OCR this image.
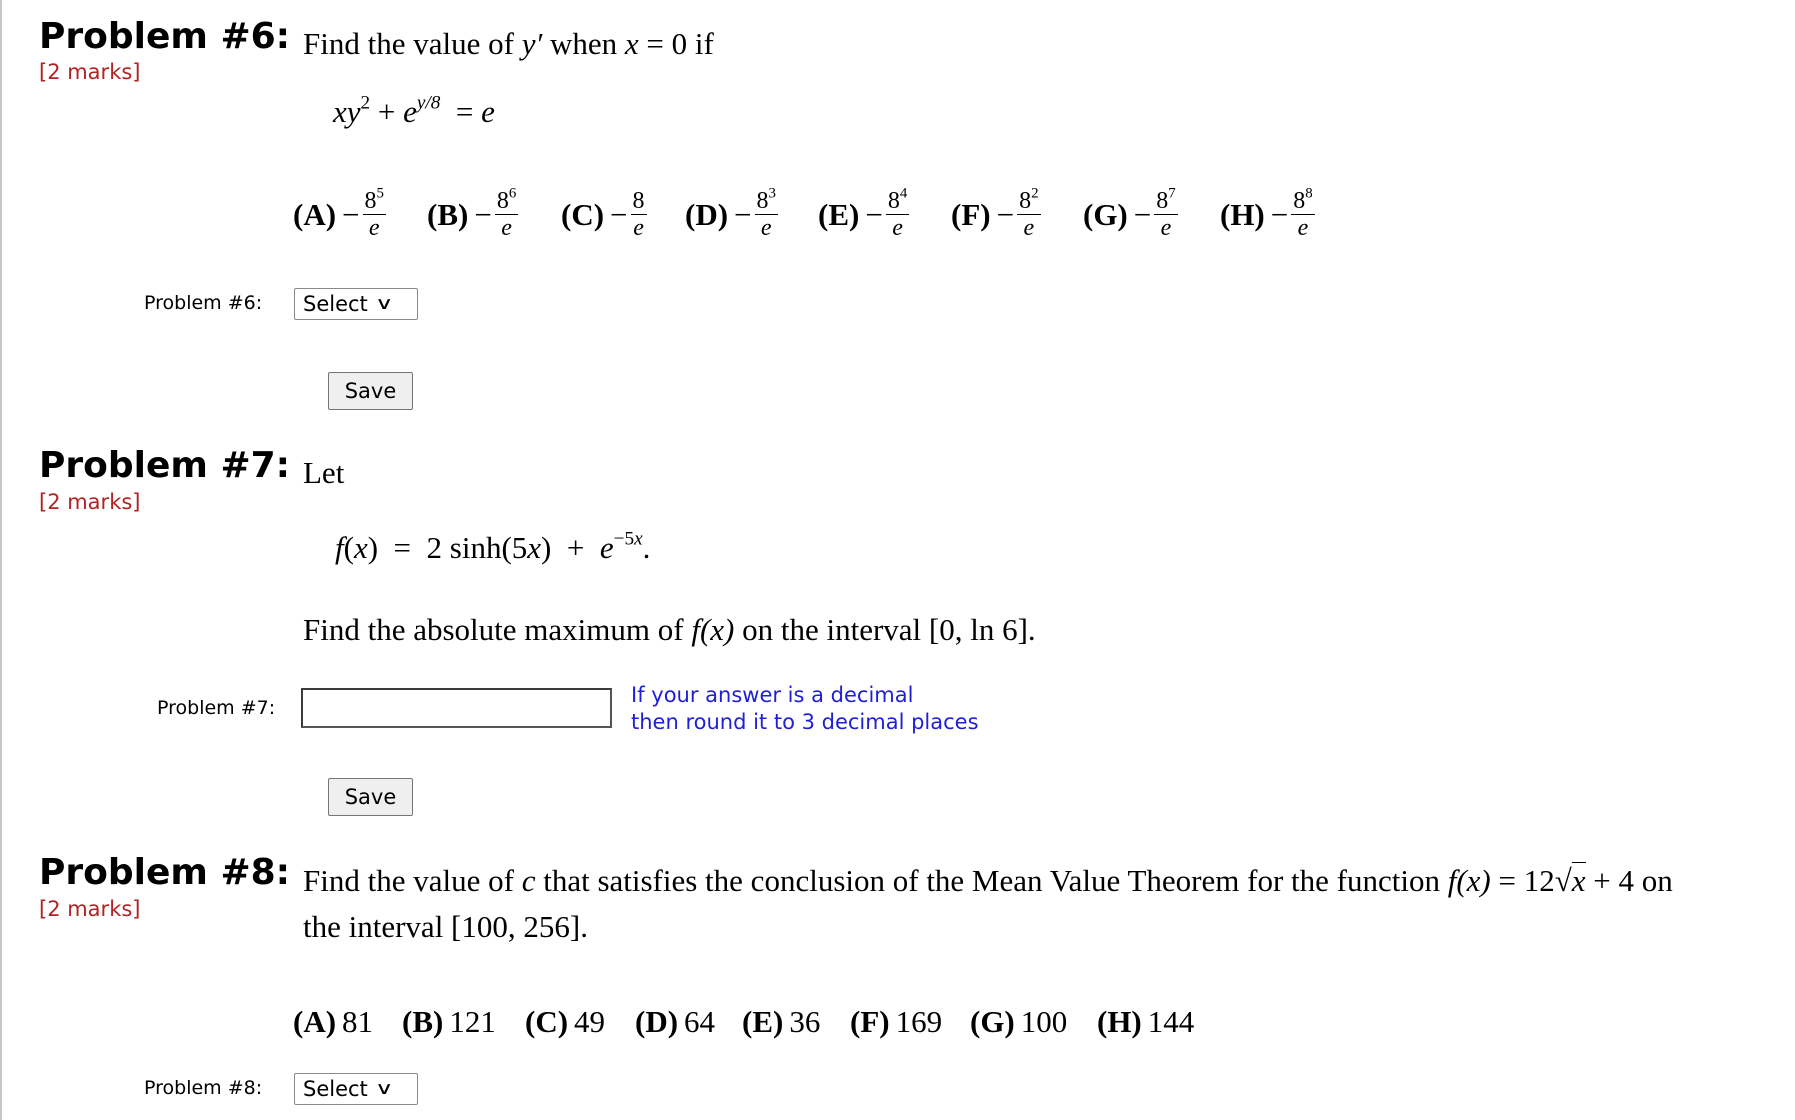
Problem #6:
[2 marks]
Find the value of y′ when x = 0 if
$xy^2 + e^{y/8} = e$
$(A) - \frac{8^5}{e} (B) - \frac{8^6}{e} (C) - \frac{8}{e} (D) - \frac{8^3}{e} (E) - \frac{8^4}{e} (F) - \frac{8^2}{e} (G) - \frac{8^7}{e} (H) - \frac{8^8}{e}$
Problem #6: Select ∨
Save
Problem #7:
[2 marks]
Let
f(x)  =  2 $\sinh(5x) + e^{-5x}$.
Find the absolute maximum of f(x) on the interval [0, ln 6].
Problem #7:
If your answer is a decimal
then round it to 3 decimal places
Save
Problem #8:
[2 marks]
Find the value of c that satisfies the conclusion of the Mean Value Theorem for the function f(x) = 12√x + 4 on
the interval [100, 256].
(A) 81 (B) 121 (C) 49 (D) 64 (E) 36 (F) 169 (G) 100 (H) 144
Problem #8: Select ∨
